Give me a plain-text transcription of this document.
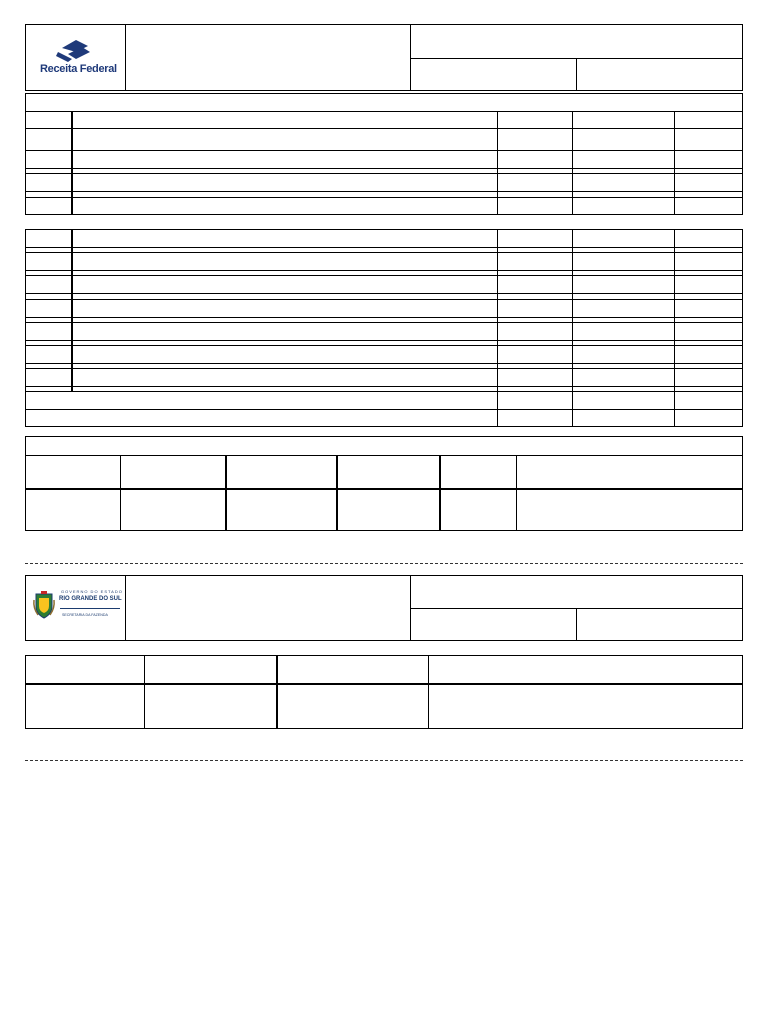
Receita Federal
GOVERNO DO ESTADO
RIO GRANDE DO SUL
SECRETARIA DA FAZENDA
